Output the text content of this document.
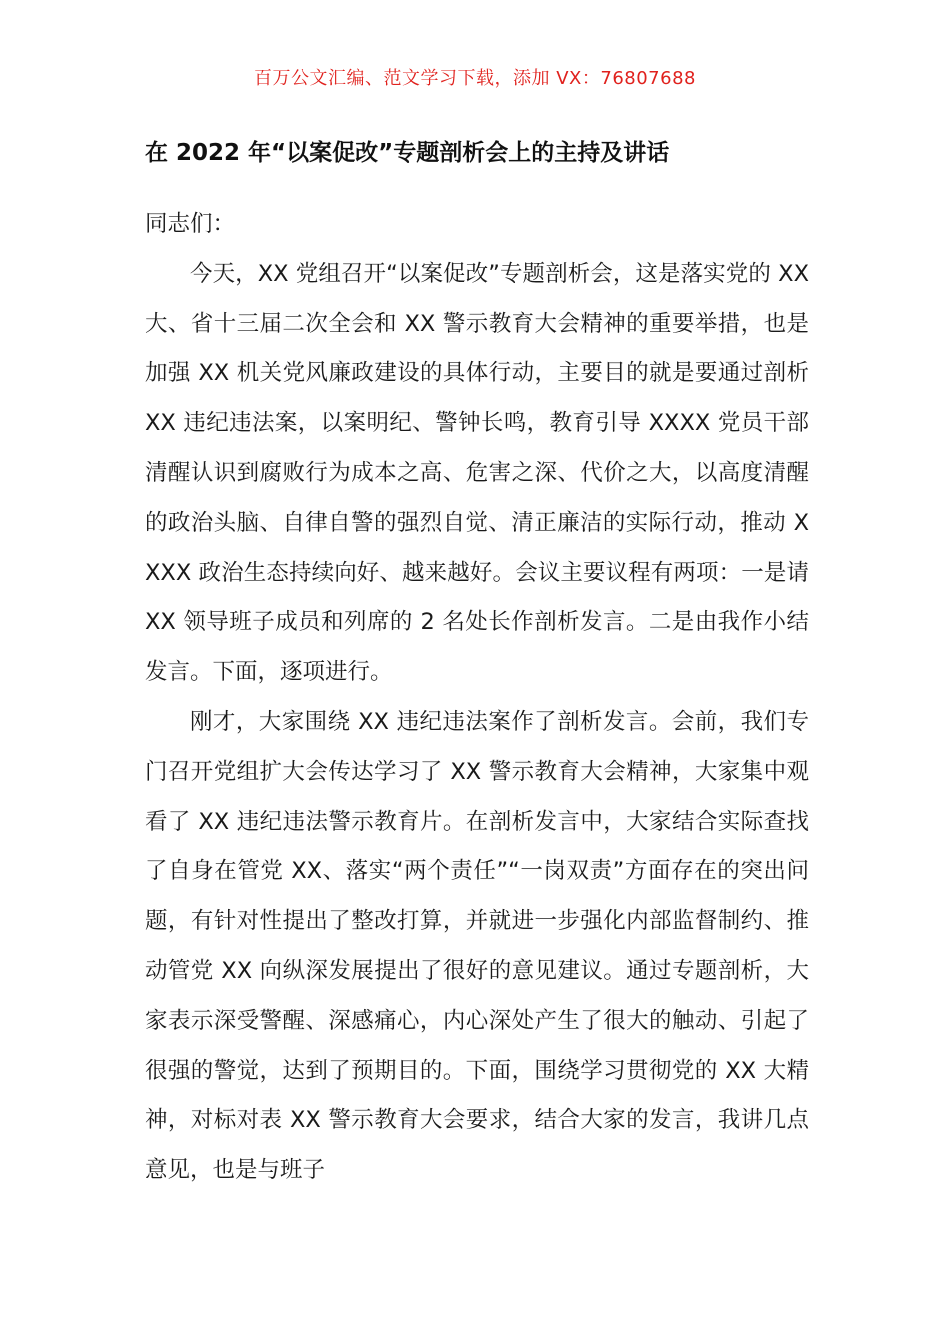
百万公文汇编、范文学习下载，添加 VX：76807688
在 2022 年“以案促改”专题剖析会上的主持及讲话

同志们：

今天，XX 党组召开“以案促改”专题剖析会，这是落实党的 XX 大、省十三届二次全会和 XX 警示教育大会精神的重要举措，也是加强 XX 机关党风廉政建设的具体行动，主要目的就是要通过剖析 XX 违纪违法案，以案明纪、警钟长鸣，教育引导 XXXX 党员干部清醒认识到腐败行为成本之高、危害之深、代价之大，以高度清醒的政治头脑、自律自警的强烈自觉、清正廉洁的实际行动，推动 XXXX 政治生态持续向好、越来越好。会议主要议程有两项：一是请 XX 领导班子成员和列席的 2 名处长作剖析发言。二是由我作小结发言。下面，逐项进行。

刚才，大家围绕 XX 违纪违法案作了剖析发言。会前，我们专门召开党组扩大会传达学习了 XX 警示教育大会精神，大家集中观看了 XX 违纪违法警示教育片。在剖析发言中，大家结合实际查找了自身在管党 XX、落实“两个责任”“一岗双责”方面存在的突出问题，有针对性提出了整改打算，并就进一步强化内部监督制约、推动管党 XX 向纵深发展提出了很好的意见建议。通过专题剖析，大家表示深受警醒、深感痛心，内心深处产生了很大的触动、引起了很强的警觉，达到了预期目的。下面，围绕学习贯彻党的 XX 大精神，对标对表 XX 警示教育大会要求，结合大家的发言，我讲几点意见，也是与班子
